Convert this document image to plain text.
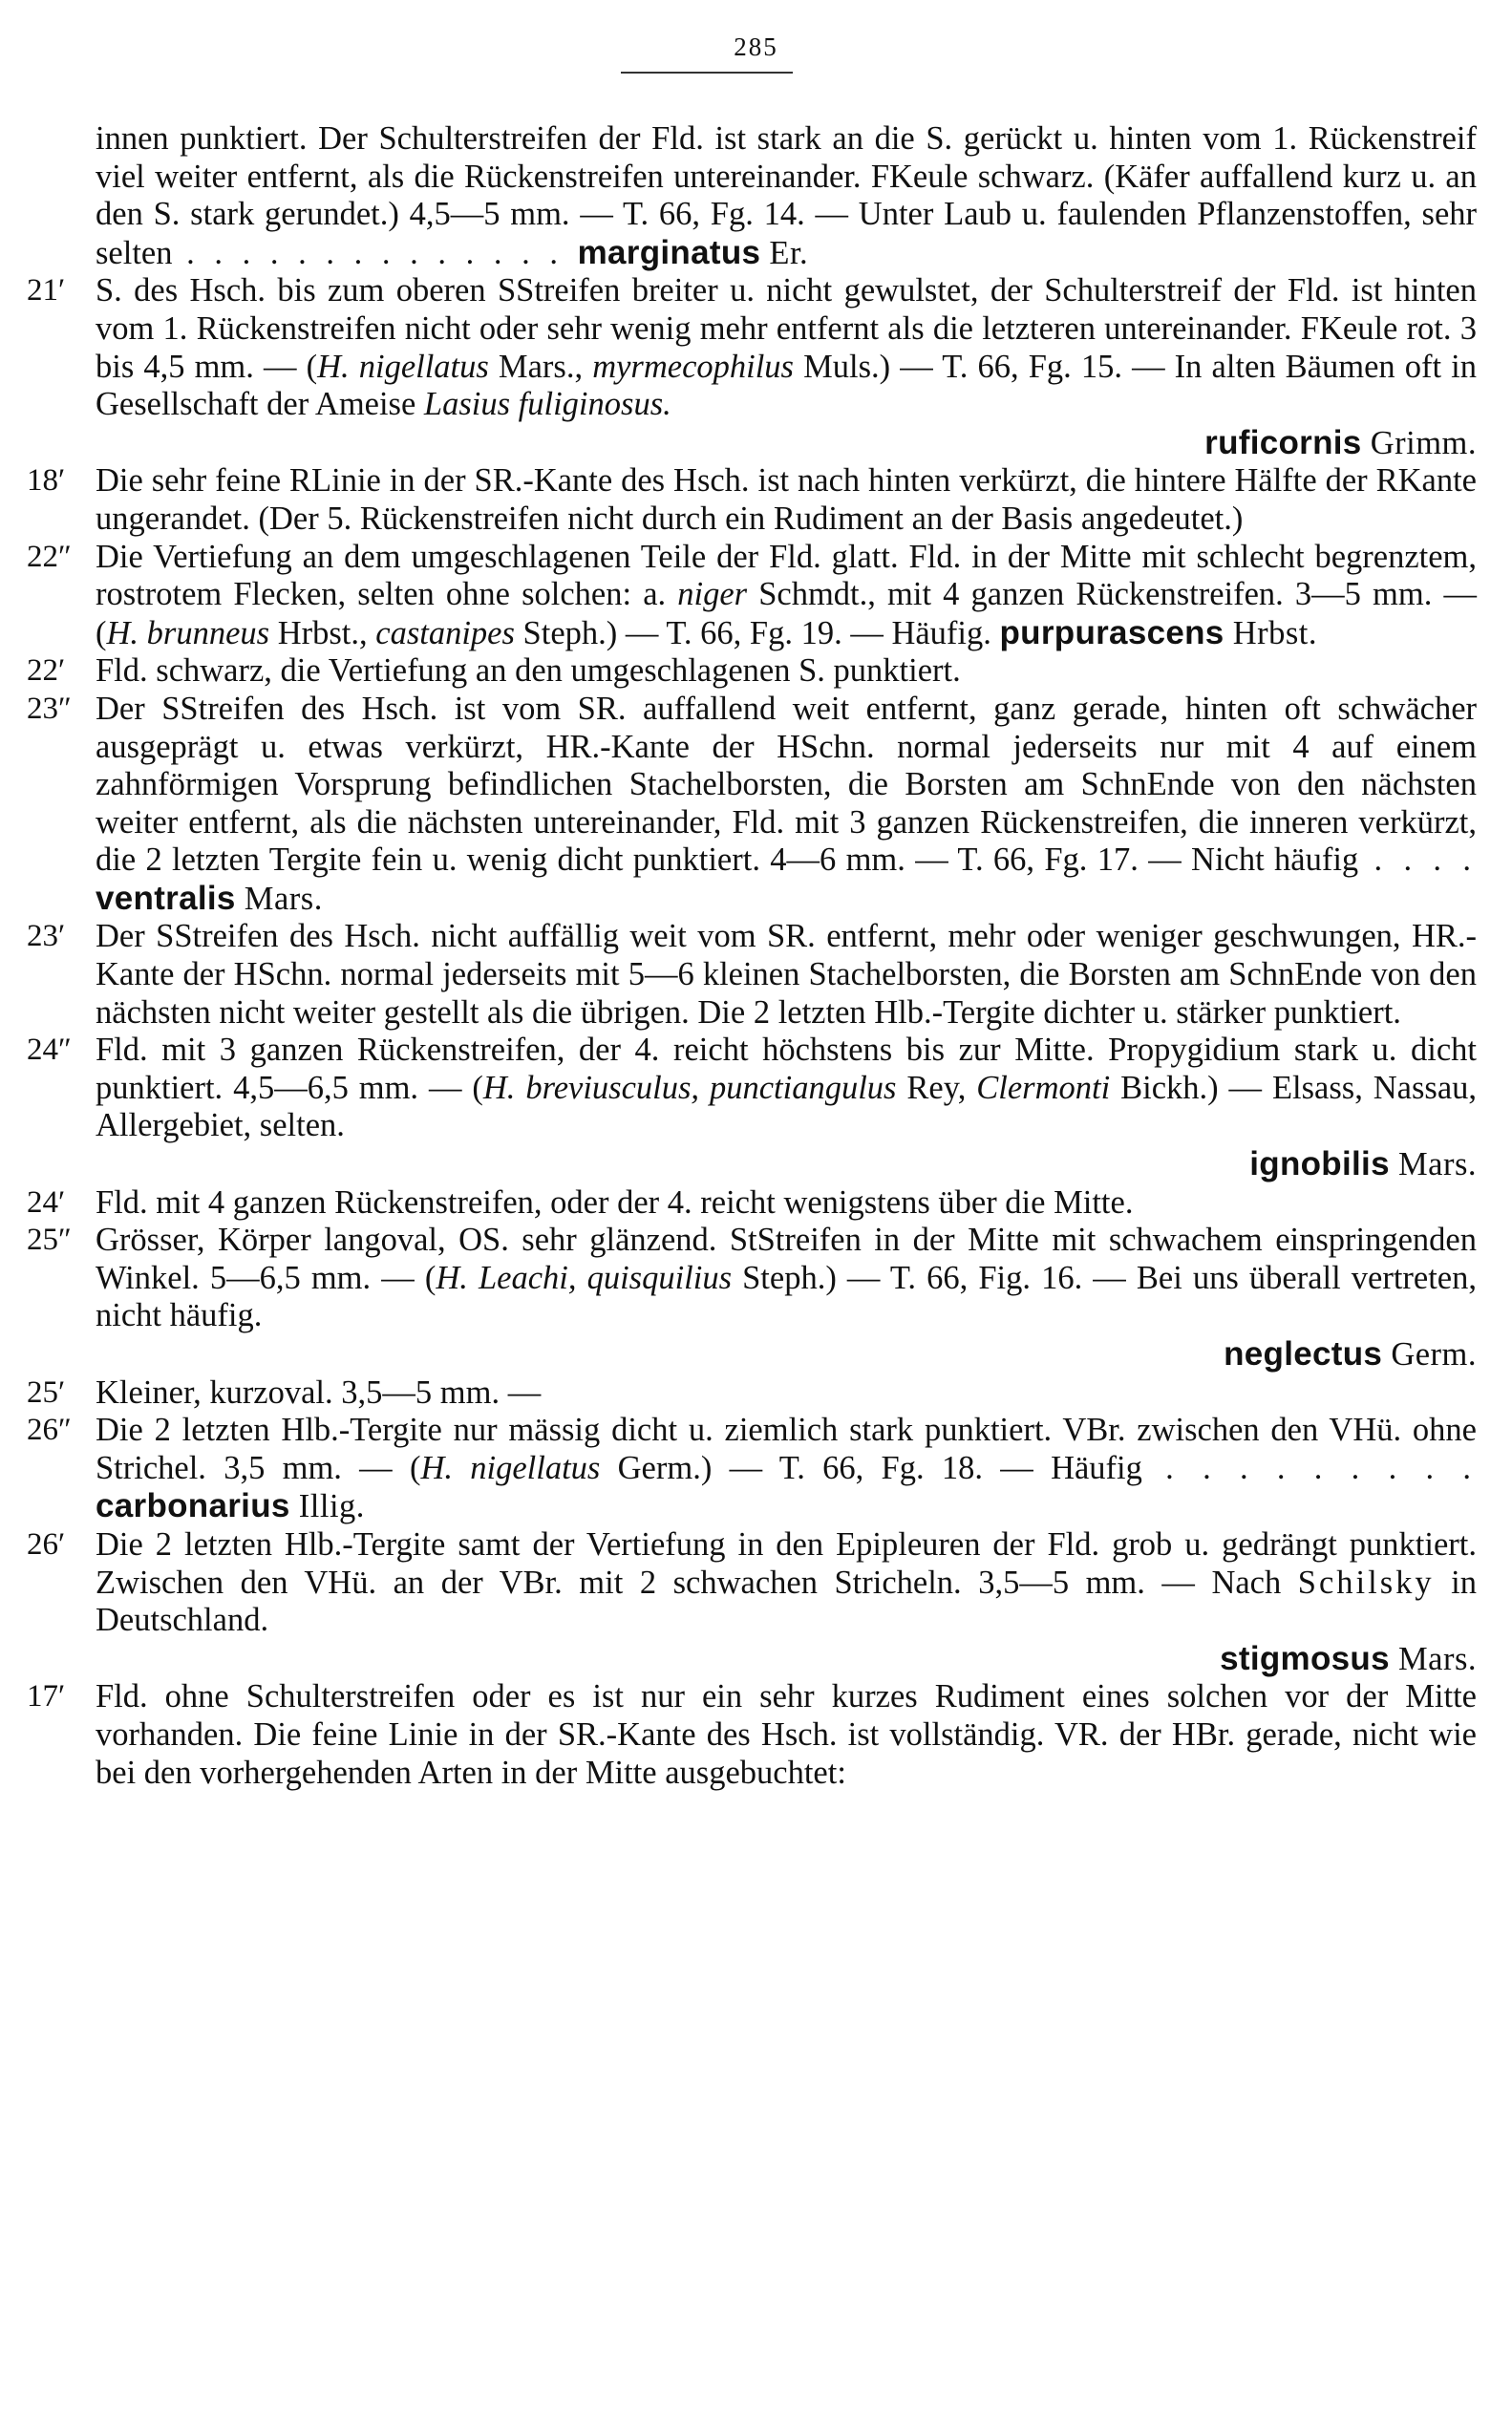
285

innen punktiert. Der Schulterstreifen der Fld. ist stark an die S. gerückt u. hinten vom 1. Rückenstreif viel weiter entfernt, als die Rückenstreifen untereinander. FKeule schwarz. (Käfer auffallend kurz u. an den S. stark gerundet.) 4,5—5 mm. — T. 66, Fg. 14. — Unter Laub u. faulenden Pflanzenstoffen, sehr selten . . . . . . . . . . . . . . marginatus Er.

21′ S. des Hsch. bis zum oberen SStreifen breiter u. nicht gewulstet, der Schulterstreif der Fld. ist hinten vom 1. Rückenstreifen nicht oder sehr wenig mehr entfernt als die letzteren untereinander. FKeule rot. 3 bis 4,5 mm. — (H. nigellatus Mars., myrmecophilus Muls.) — T. 66, Fg. 15. — In alten Bäumen oft in Gesellschaft der Ameise Lasius fuliginosus.
ruficornis Grimm.

18′ Die sehr feine RLinie in der SR.-Kante des Hsch. ist nach hinten verkürzt, die hintere Hälfte der RKante ungerandet. (Der 5. Rückenstreifen nicht durch ein Rudiment an der Basis angedeutet.)

22″ Die Vertiefung an dem umgeschlagenen Teile der Fld. glatt. Fld. in der Mitte mit schlecht begrenztem, rostrotem Flecken, selten ohne solchen: a. niger Schmdt., mit 4 ganzen Rückenstreifen. 3—5 mm. — (H. brunneus Hrbst., castanipes Steph.) — T. 66, Fg. 19. — Häufig. purpurascens Hrbst.

22′ Fld. schwarz, die Vertiefung an den umgeschlagenen S. punktiert.

23″ Der SStreifen des Hsch. ist vom SR. auffallend weit entfernt, ganz gerade, hinten oft schwächer ausgeprägt u. etwas verkürzt, HR.-Kante der HSchn. normal jederseits nur mit 4 auf einem zahnförmigen Vorsprung befindlichen Stachelborsten, die Borsten am SchnEnde von den nächsten weiter entfernt, als die nächsten untereinander, Fld. mit 3 ganzen Rückenstreifen, die inneren verkürzt, die 2 letzten Tergite fein u. wenig dicht punktiert. 4—6 mm. — T. 66, Fg. 17. — Nicht häufig . . . . ventralis Mars.

23′ Der SStreifen des Hsch. nicht auffällig weit vom SR. entfernt, mehr oder weniger geschwungen, HR.-Kante der HSchn. normal jederseits mit 5—6 kleinen Stachelborsten, die Borsten am SchnEnde von den nächsten nicht weiter gestellt als die übrigen. Die 2 letzten Hlb.-Tergite dichter u. stärker punktiert.

24″ Fld. mit 3 ganzen Rückenstreifen, der 4. reicht höchstens bis zur Mitte. Propygidium stark u. dicht punktiert. 4,5—6,5 mm. — (H. breviusculus, punctiangulus Rey, Clermonti Bickh.) — Elsass, Nassau, Allergebiet, selten.
ignobilis Mars.

24′ Fld. mit 4 ganzen Rückenstreifen, oder der 4. reicht wenigstens über die Mitte.

25″ Grösser, Körper langoval, OS. sehr glänzend. StStreifen in der Mitte mit schwachem einspringenden Winkel. 5—6,5 mm. — (H. Leachi, quisquilius Steph.) — T. 66, Fig. 16. — Bei uns überall vertreten, nicht häufig.
neglectus Germ.

25′ Kleiner, kurzoval. 3,5—5 mm. —

26″ Die 2 letzten Hlb.-Tergite nur mässig dicht u. ziemlich stark punktiert. VBr. zwischen den VHü. ohne Strichel. 3,5 mm. — (H. nigellatus Germ.) — T. 66, Fg. 18. — Häufig . . . . . . . . . carbonarius Illig.

26′ Die 2 letzten Hlb.-Tergite samt der Vertiefung in den Epipleuren der Fld. grob u. gedrängt punktiert. Zwischen den VHü. an der VBr. mit 2 schwachen Stricheln. 3,5—5 mm. — Nach Schilsky in Deutschland.
stigmosus Mars.

17′ Fld. ohne Schulterstreifen oder es ist nur ein sehr kurzes Rudiment eines solchen vor der Mitte vorhanden. Die feine Linie in der SR.-Kante des Hsch. ist vollständig. VR. der HBr. gerade, nicht wie bei den vorhergehenden Arten in der Mitte ausgebuchtet:
